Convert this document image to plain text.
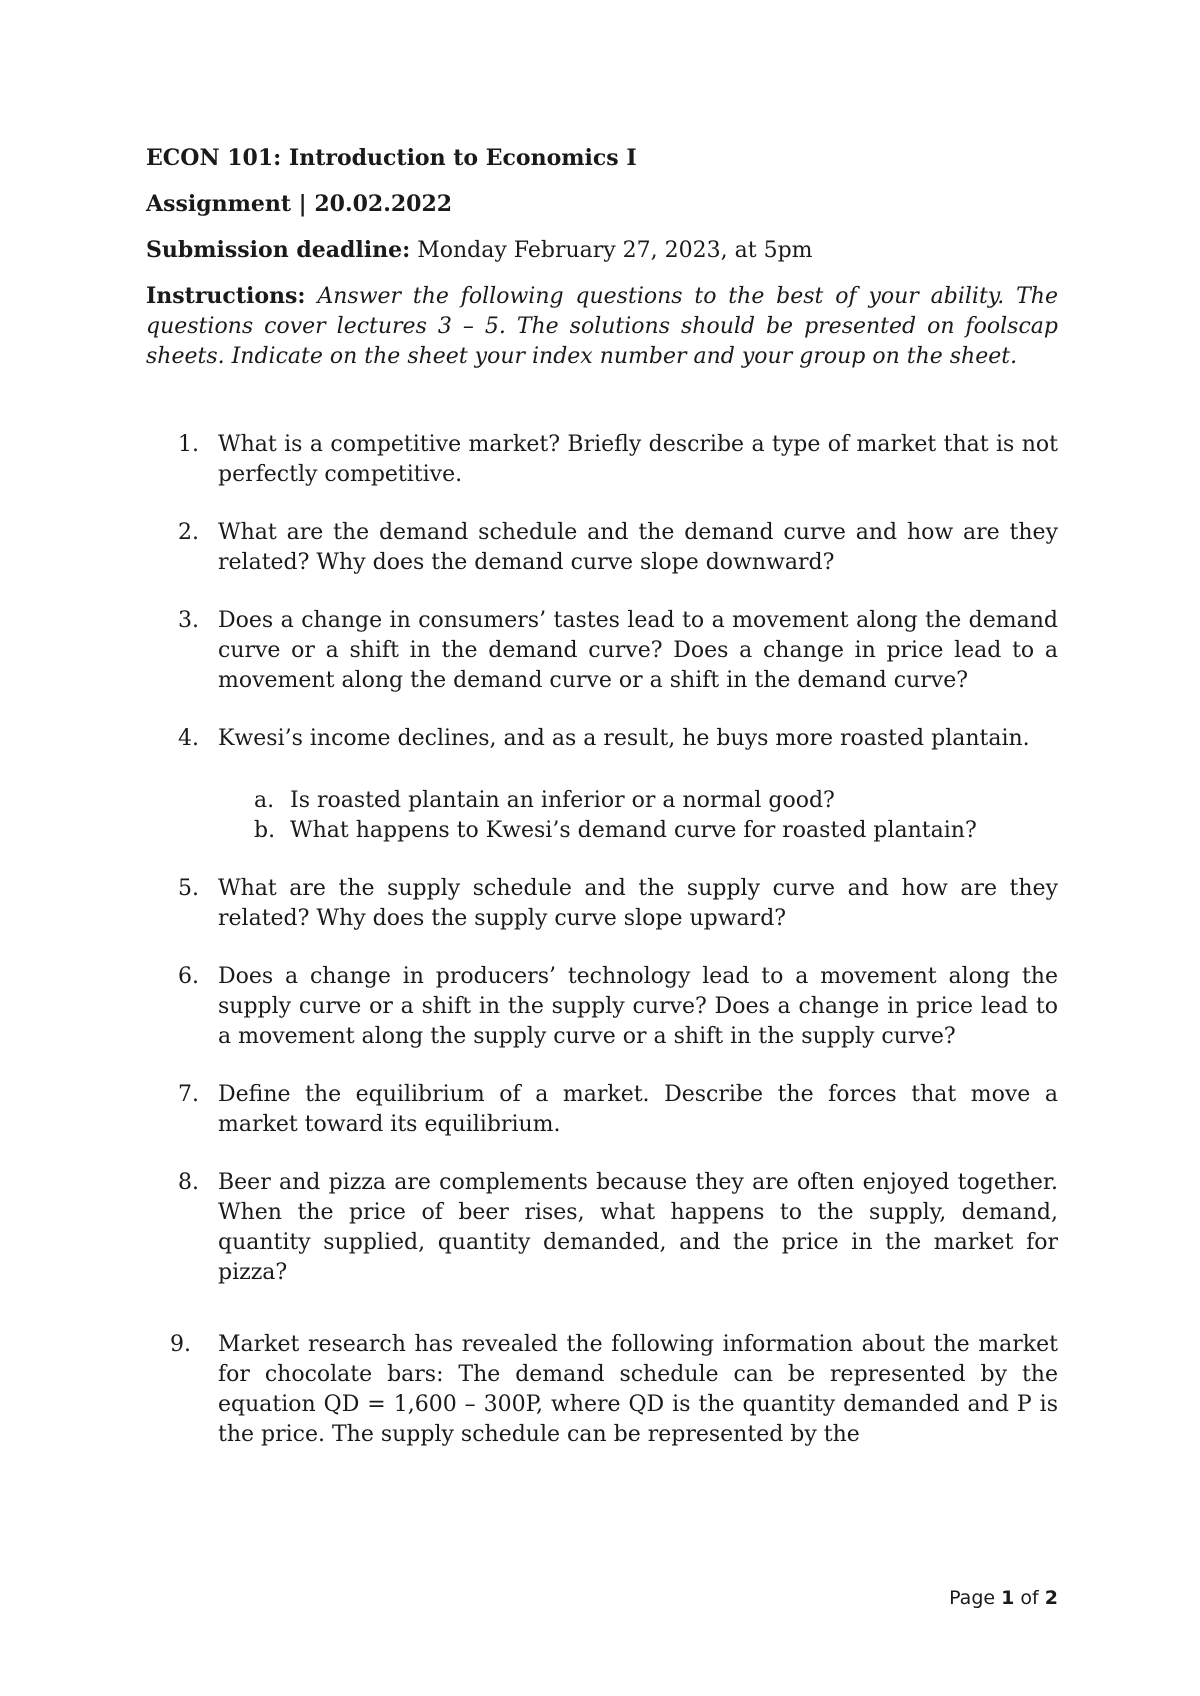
ECON 101: Introduction to Economics I

Assignment | 20.02.2022

Submission deadline: Monday February 27, 2023, at 5pm

Instructions: Answer the following questions to the best of your ability. The questions cover lectures 3 – 5. The solutions should be presented on foolscap sheets. Indicate on the sheet your index number and your group on the sheet.

1. What is a competitive market? Briefly describe a type of market that is not perfectly competitive.
2. What are the demand schedule and the demand curve and how are they related? Why does the demand curve slope downward?
3. Does a change in consumers’ tastes lead to a movement along the demand curve or a shift in the demand curve? Does a change in price lead to a movement along the demand curve or a shift in the demand curve?
4. Kwesi’s income declines, and as a result, he buys more roasted plantain.
a. Is roasted plantain an inferior or a normal good?
b. What happens to Kwesi’s demand curve for roasted plantain?
5. What are the supply schedule and the supply curve and how are they related? Why does the supply curve slope upward?
6. Does a change in producers’ technology lead to a movement along the supply curve or a shift in the supply curve? Does a change in price lead to a movement along the supply curve or a shift in the supply curve?
7. Define the equilibrium of a market. Describe the forces that move a market toward its equilibrium.
8. Beer and pizza are complements because they are often enjoyed together. When the price of beer rises, what happens to the supply, demand, quantity supplied, quantity demanded, and the price in the market for pizza?
9. Market research has revealed the following information about the market for chocolate bars: The demand schedule can be represented by the equation QD = 1,600 – 300P, where QD is the quantity demanded and P is the price. The supply schedule can be represented by the
Page 1 of 2
